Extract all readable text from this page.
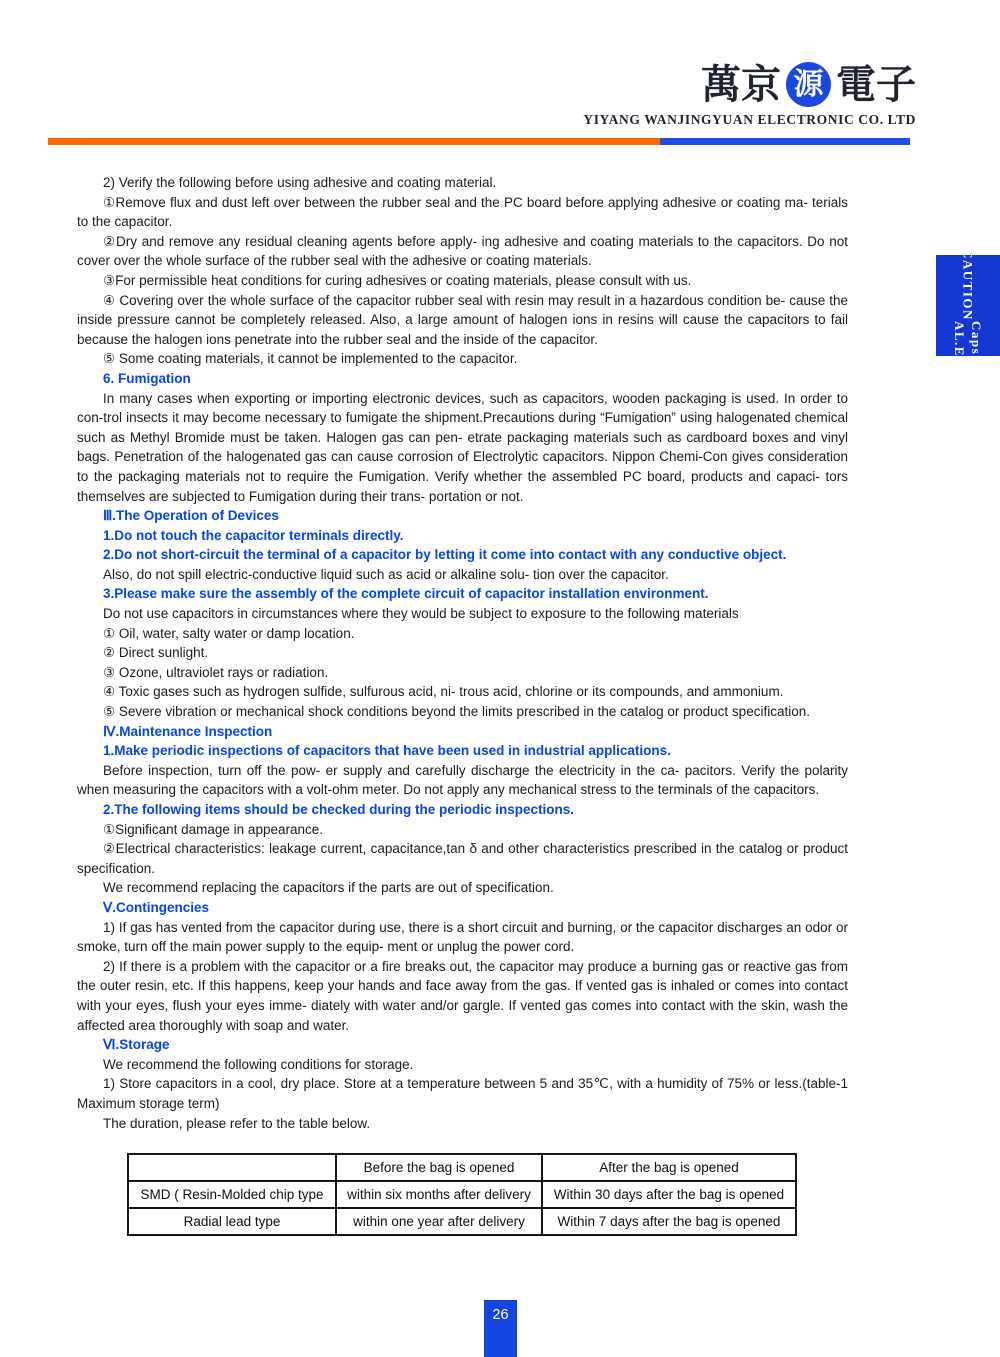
萬京 源 電子
YIYANG WANJINGYUAN ELECTRONIC CO. LTD
CAUTION
AL.E-Caps

2) Verify the following before using adhesive and coating material.

①Remove flux and dust left over between the rubber seal and the PC board before applying adhesive or coating ma- terials to the capacitor.

②Dry and remove any residual cleaning agents before apply- ing adhesive and coating materials to the capacitors. Do not cover over the whole surface of the rubber seal with the adhesive or coating materials.

③For permissible heat conditions for curing adhesives or coating materials, please consult with us.

④ Covering over the whole surface of the capacitor rubber seal with resin may result in a hazardous condition be- cause the inside pressure cannot be completely released. Also, a large amount of halogen ions in resins will cause the capacitors to fail because the halogen ions penetrate into the rubber seal and the inside of the capacitor.

⑤ Some coating materials, it cannot be implemented to the capacitor.

6. Fumigation

In many cases when exporting or importing electronic devices, such as capacitors, wooden packaging is used. In order to con-trol insects it may become necessary to fumigate the shipment.Precautions during “Fumigation” using halogenated chemical such as Methyl Bromide must be taken. Halogen gas can pen- etrate packaging materials such as cardboard boxes and vinyl bags. Penetration of the halogenated gas can cause corrosion of Electrolytic capacitors. Nippon Chemi-Con gives consideration to the packaging materials not to require the Fumigation. Verify whether the assembled PC board, products and capaci- tors themselves are subjected to Fumigation during their trans- portation or not.

Ⅲ.The Operation of Devices

1.Do not touch the capacitor terminals directly.

2.Do not short-circuit the terminal of a capacitor by letting it come into contact with any conductive object.

Also, do not spill electric-conductive liquid such as acid or alkaline solu- tion over the capacitor.

3.Please make sure the assembly of the complete circuit of capacitor installation environment.

Do not use capacitors in circumstances where they would be subject to exposure to the following materials

① Oil, water, salty water or damp location.

② Direct sunlight.

③ Ozone, ultraviolet rays or radiation.

④ Toxic gases such as hydrogen sulfide, sulfurous acid, ni- trous acid, chlorine or its compounds, and ammonium.

⑤ Severe vibration or mechanical shock conditions beyond the limits prescribed in the catalog or product specification.

Ⅳ.Maintenance Inspection

1.Make periodic inspections of capacitors that have been used in industrial applications.

Before inspection, turn off the pow- er supply and carefully discharge the electricity in the ca- pacitors. Verify the polarity when measuring the capacitors with a volt-ohm meter. Do not apply any mechanical stress to the terminals of the capacitors.

2.The following items should be checked during the periodic inspections.

①Significant damage in appearance.

②Electrical characteristics: leakage current, capacitance,tan δ and other characteristics prescribed in the catalog or product specification.

We recommend replacing the capacitors if the parts are out of specification.

Ⅴ.Contingencies

1) If gas has vented from the capacitor during use, there is a short circuit and burning, or the capacitor discharges an odor or smoke, turn off the main power supply to the equip- ment or unplug the power cord.

2) If there is a problem with the capacitor or a fire breaks out, the capacitor may produce a burning gas or reactive gas from the outer resin, etc. If this happens, keep your hands and face away from the gas. If vented gas is inhaled or comes into contact with your eyes, flush your eyes imme- diately with water and/or gargle. If vented gas comes into contact with the skin, wash the affected area thoroughly with soap and water.

Ⅵ.Storage

We recommend the following conditions for storage.

1) Store capacitors in a cool, dry place. Store at a temperature between 5 and 35℃, with a humidity of 75% or less.(table-1 Maximum storage term)

The duration, please refer to the table below.

	Before the bag is opened	After the bag is opened
SMD ( Resin-Molded chip type	within six months after delivery	Within 30 days after the bag is opened
Radial lead type	within one year after delivery	Within 7 days after the bag is opened
26
